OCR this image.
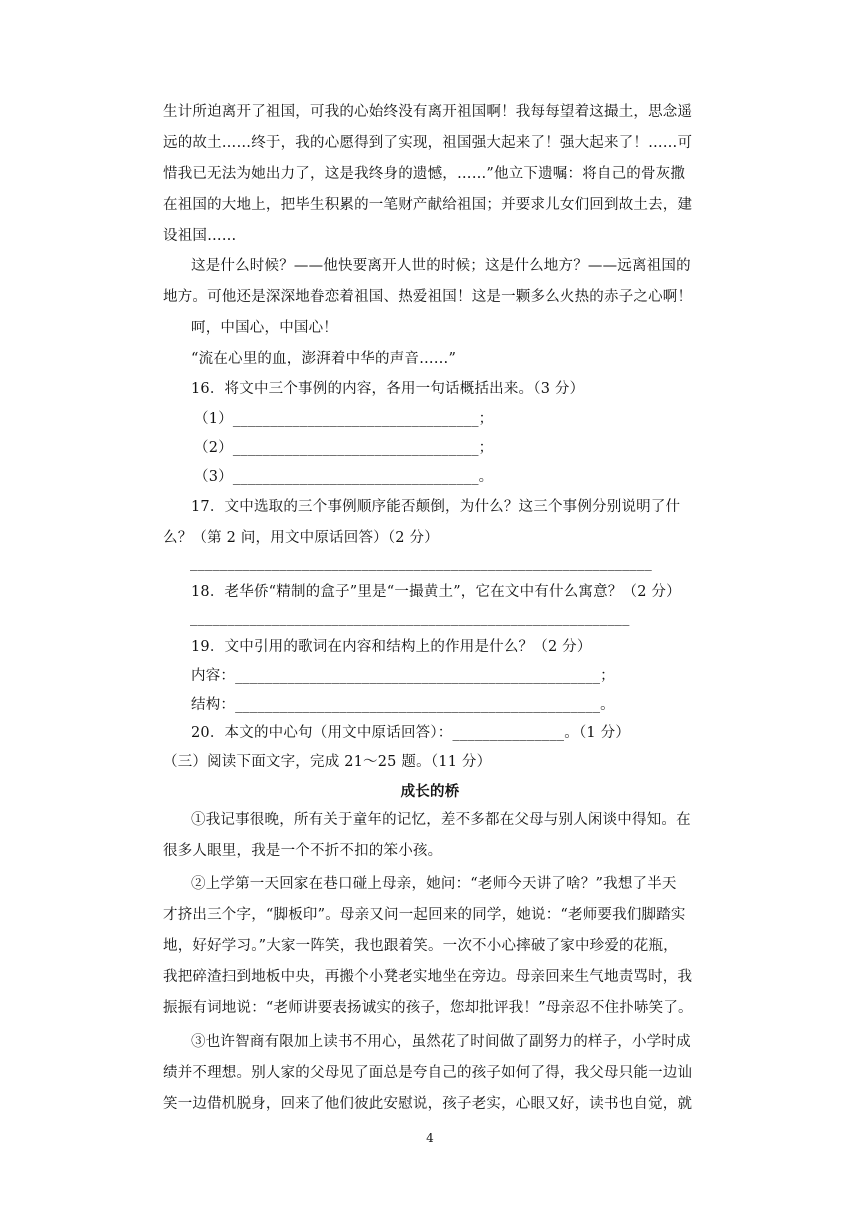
生计所迫离开了祖国，可我的心始终没有离开祖国啊！我每每望着这撮土，思念遥
远的故土……终于，我的心愿得到了实现，祖国强大起来了！强大起来了！……可
惜我已无法为她出力了，这是我终身的遗憾，……”他立下遗嘱：将自己的骨灰撒
在祖国的大地上，把毕生积累的一笔财产献给祖国；并要求儿女们回到故土去，建
设祖国……
这是什么时候？——他快要离开人世的时候；这是什么地方？——远离祖国的
地方。可他还是深深地眷恋着祖国、热爱祖国！这是一颗多么火热的赤子之心啊！
呵，中国心，中国心！
“流在心里的血，澎湃着中华的声音……”
16．将文中三个事例的内容，各用一句话概括出来。（3 分）
（1）_________________________________；
（2）_________________________________；
（3）_________________________________。
17．文中选取的三个事例顺序能否颠倒，为什么？这三个事例分别说明了什
么？（第 2 问，用文中原话回答）（2 分）
______________________________________________________________
18．老华侨“精制的盒子”里是“一撮黄土”，它在文中有什么寓意？（2 分）
___________________________________________________________
19．文中引用的歌词在内容和结构上的作用是什么？（2 分）
内容：_________________________________________________；
结构：_________________________________________________。
20．本文的中心句（用文中原话回答）：_______________。（1 分）
（三）阅读下面文字，完成 21～25 题。（11 分）
成长的桥
①我记事很晚，所有关于童年的记忆，差不多都在父母与别人闲谈中得知。在
很多人眼里，我是一个不折不扣的笨小孩。
②上学第一天回家在巷口碰上母亲，她问：“老师今天讲了啥？”我想了半天
才挤出三个字，“脚板印”。母亲又问一起回来的同学，她说：“老师要我们脚踏实
地，好好学习。”大家一阵笑，我也跟着笑。一次不小心摔破了家中珍爱的花瓶，
我把碎渣扫到地板中央，再搬个小凳老实地坐在旁边。母亲回来生气地责骂时，我
振振有词地说：“老师讲要表扬诚实的孩子，您却批评我！”母亲忍不住扑哧笑了。
③也许智商有限加上读书不用心，虽然花了时间做了副努力的样子，小学时成
绩并不理想。别人家的父母见了面总是夸自己的孩子如何了得，我父母只能一边讪
笑一边借机脱身，回来了他们彼此安慰说，孩子老实，心眼又好，读书也自觉，就
4
